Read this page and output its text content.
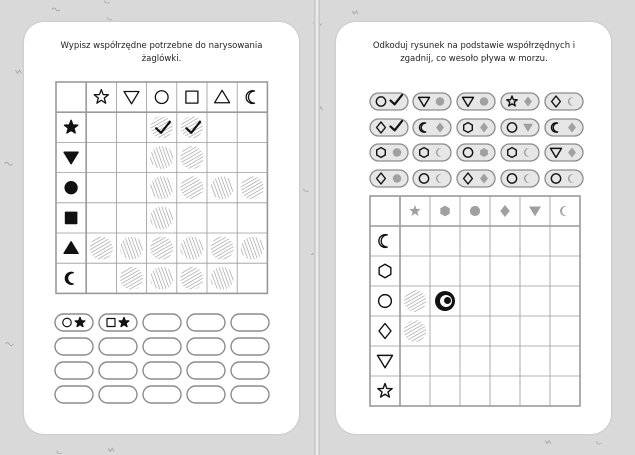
Wypisz współrzędne potrzebne do narysowania żaglówki.
Odkoduj rysunek na podstawie współrzędnych i zgadnij, co wesoło pływa w morzu.
